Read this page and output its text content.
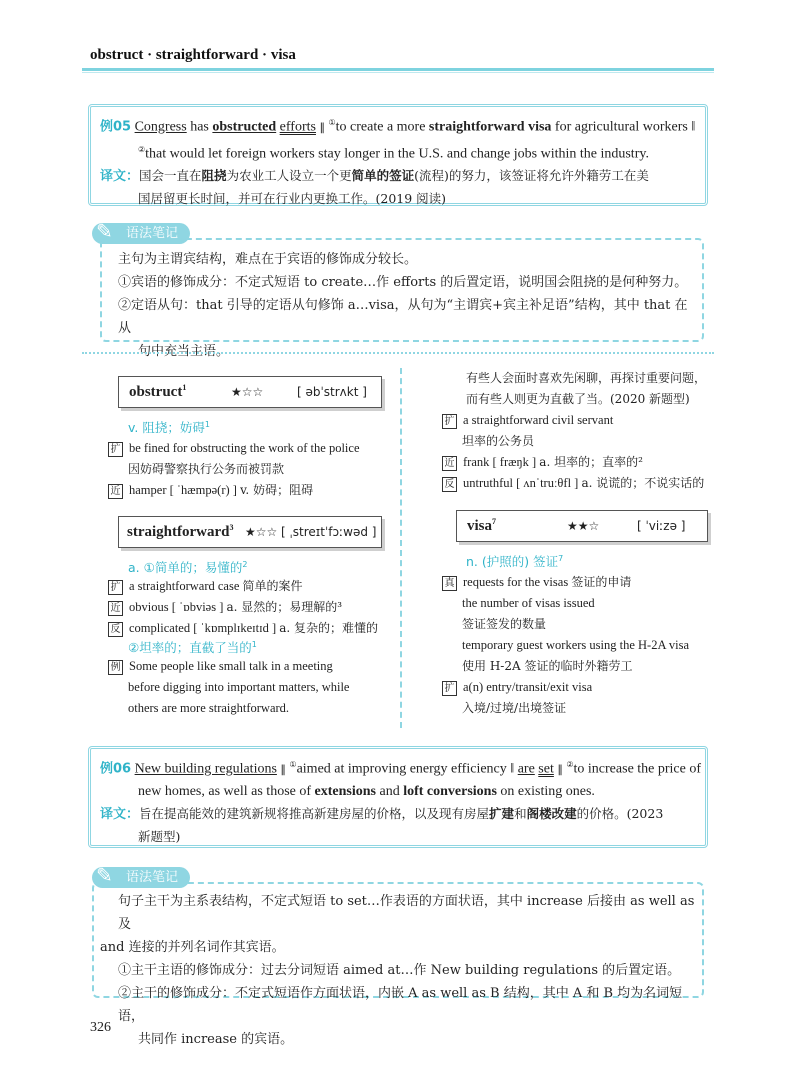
obstruct · straightforward · visa
例05 Congress has obstructed efforts ‖ ①to create a more straightforward visa for agricultural workers ‖
②that would let foreign workers stay longer in the U.S. and change jobs within the industry.
译文：国会一直在阻挠为农业工人设立一个更简单的签证(流程)的努力，该签证将允许外籍劳工在美
国居留更长时间，并可在行业内更换工作。(2019 阅读)
✎ 语法笔记
主句为主谓宾结构，难点在于宾语的修饰成分较长。
①宾语的修饰成分：不定式短语 to create…作 efforts 的后置定语，说明国会阻挠的是何种努力。
②定语从句：that 引导的定语从句修饰 a…visa，从句为“主谓宾+宾主补足语”结构，其中 that 在从
句中充当主语。
obstruct$^1$	★☆☆	[ əbˈstrʌkt ]
v. 阻挠；妨碍$^1$
扩 be fined for obstructing the work of the police
因妨碍警察执行公务而被罚款
近 hamper [ ˈhæmpə(r) ] v. 妨碍；阻碍
straightforward$^3$ ★☆☆ [ ˌstreɪtˈfɔːwəd ]
a. ①简单的；易懂的$^2$
扩 a straightforward case 简单的案件
近 obvious [ ˈɒbviəs ] a. 显然的；易理解的³
反 complicated [ ˈkɒmplɪkeɪtɪd ] a. 复杂的；难懂的
②坦率的；直截了当的$^1$
例 Some people like small talk in a meeting
before digging into important matters, while
others are more straightforward.
有些人会面时喜欢先闲聊，再探讨重要问题，
而有些人则更为直截了当。(2020 新题型)
扩 a straightforward civil servant
坦率的公务员
近 frank [ fræŋk ] a. 坦率的；直率的²
反 untruthful [ ʌnˈtruːθfl ] a. 说谎的；不说实话的
visa$^7$	★★☆	[ ˈviːzə ]
n. (护照的) 签证$^7$
真 requests for the visas 签证的申请
the number of visas issued
签证签发的数量
temporary guest workers using the H-2A visa
使用 H-2A 签证的临时外籍劳工
扩 a(n) entry/transit/exit visa
入境/过境/出境签证
例06 New building regulations ‖ ①aimed at improving energy efficiency ‖ are set ‖ ②to increase the price of
new homes, as well as those of extensions and loft conversions on existing ones.
译文：旨在提高能效的建筑新规将推高新建房屋的价格，以及现有房屋扩建和阁楼改建的价格。(2023
新题型)
✎ 语法笔记
句子主干为主系表结构，不定式短语 to set…作表语的方面状语，其中 increase 后接由 as well as 及
and 连接的并列名词作其宾语。
①主干主语的修饰成分：过去分词短语 aimed at…作 New building regulations 的后置定语。
②主干的修饰成分：不定式短语作方面状语，内嵌 A as well as B 结构，其中 A 和 B 均为名词短语，
共同作 increase 的宾语。
326
